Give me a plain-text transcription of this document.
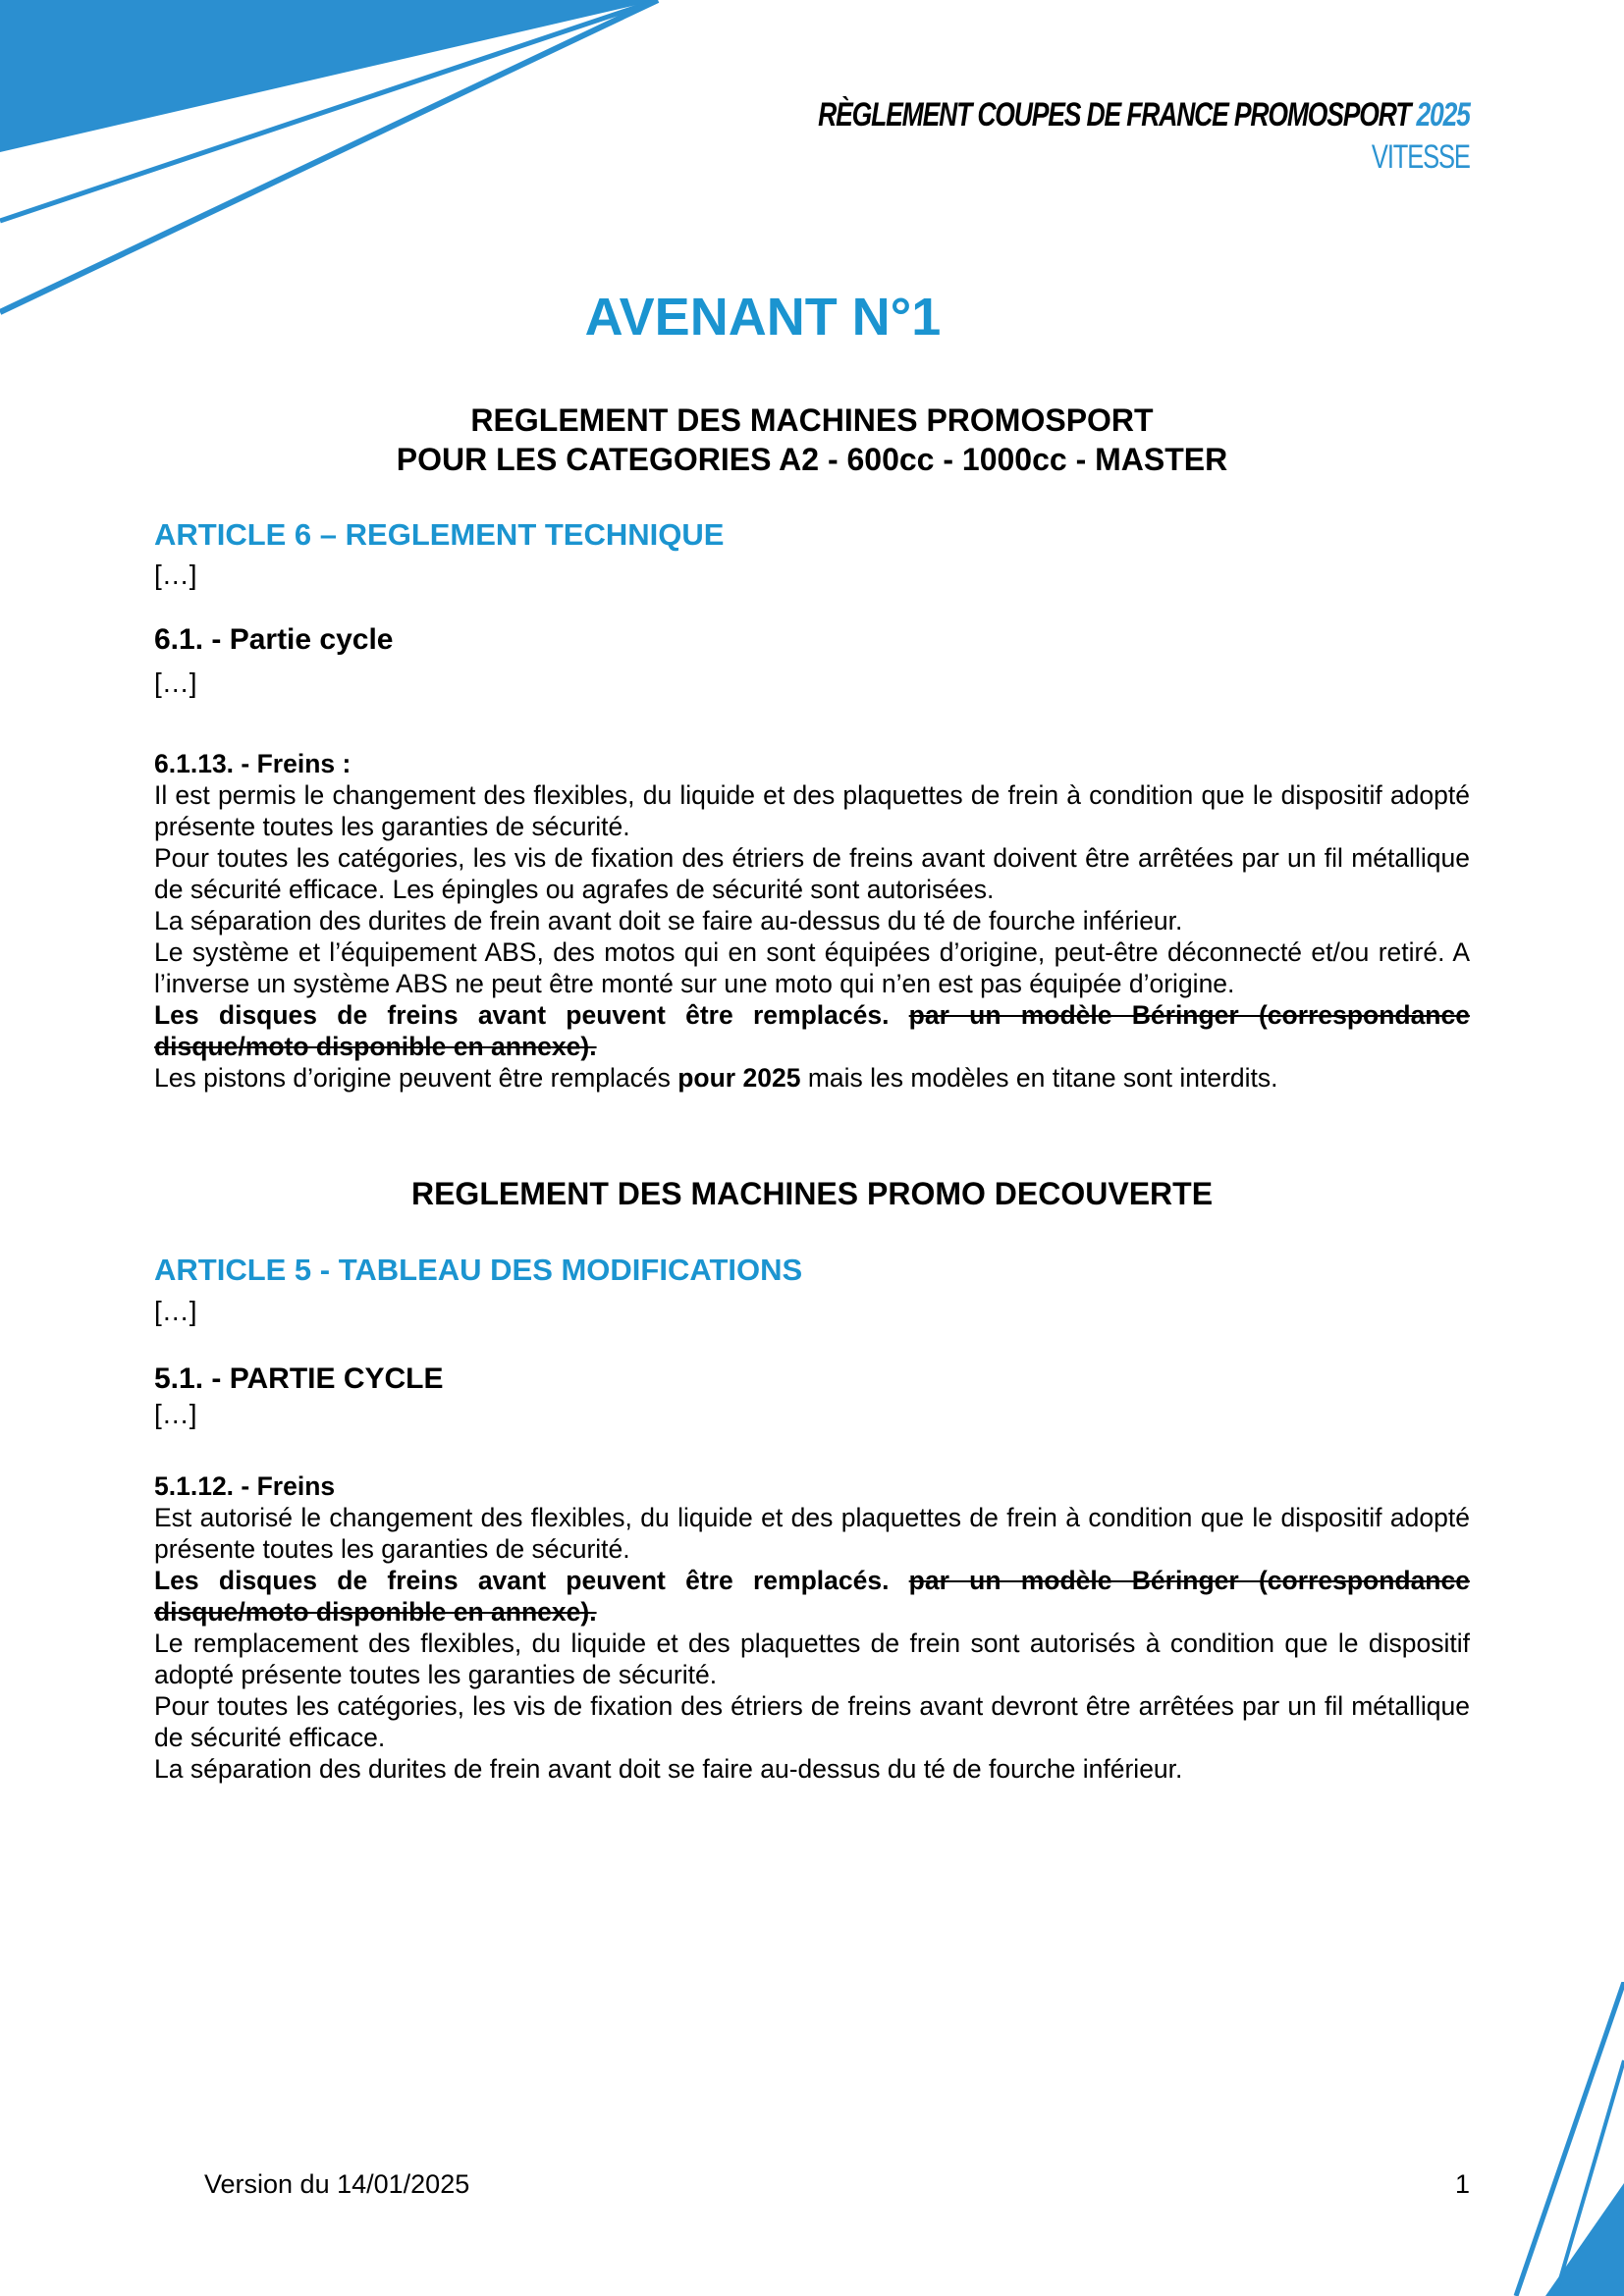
RÈGLEMENT COUPES DE FRANCE PROMOSPORT 2025
VITESSE
AVENANT N°1
REGLEMENT DES MACHINES PROMOSPORT
POUR LES CATEGORIES A2 - 600cc - 1000cc - MASTER
ARTICLE 6 – REGLEMENT TECHNIQUE
[…]
6.1. - Partie cycle
[…]

6.1.13. - Freins :

Il est permis le changement des flexibles, du liquide et des plaquettes de frein à condition que le dispositif adopté présente toutes les garanties de sécurité.

Pour toutes les catégories, les vis de fixation des étriers de freins avant doivent être arrêtées par un fil métallique de sécurité efficace. Les épingles ou agrafes de sécurité sont autorisées.

La séparation des durites de frein avant doit se faire au-dessus du té de fourche inférieur.

Le système et l’équipement ABS, des motos qui en sont équipées d’origine, peut-être déconnecté et/ou retiré. A l’inverse un système ABS ne peut être monté sur une moto qui n’en est pas équipée d’origine.

Les disques de freins avant peuvent être remplacés. par un modèle Béringer (correspondance disque/moto disponible en annexe).

Les pistons d’origine peuvent être remplacés pour 2025 mais les modèles en titane sont interdits.

REGLEMENT DES MACHINES PROMO DECOUVERTE
ARTICLE 5 - TABLEAU DES MODIFICATIONS
[…]
5.1. - PARTIE CYCLE
[…]

5.1.12. - Freins

Est autorisé le changement des flexibles, du liquide et des plaquettes de frein à condition que le dispositif adopté présente toutes les garanties de sécurité.

Les disques de freins avant peuvent être remplacés. par un modèle Béringer (correspondance disque/moto disponible en annexe).

Le remplacement des flexibles, du liquide et des plaquettes de frein sont autorisés à condition que le dispositif adopté présente toutes les garanties de sécurité.

Pour toutes les catégories, les vis de fixation des étriers de freins avant devront être arrêtées par un fil métallique de sécurité efficace.

La séparation des durites de frein avant doit se faire au-dessus du té de fourche inférieur.

Version du 14/01/2025	1
